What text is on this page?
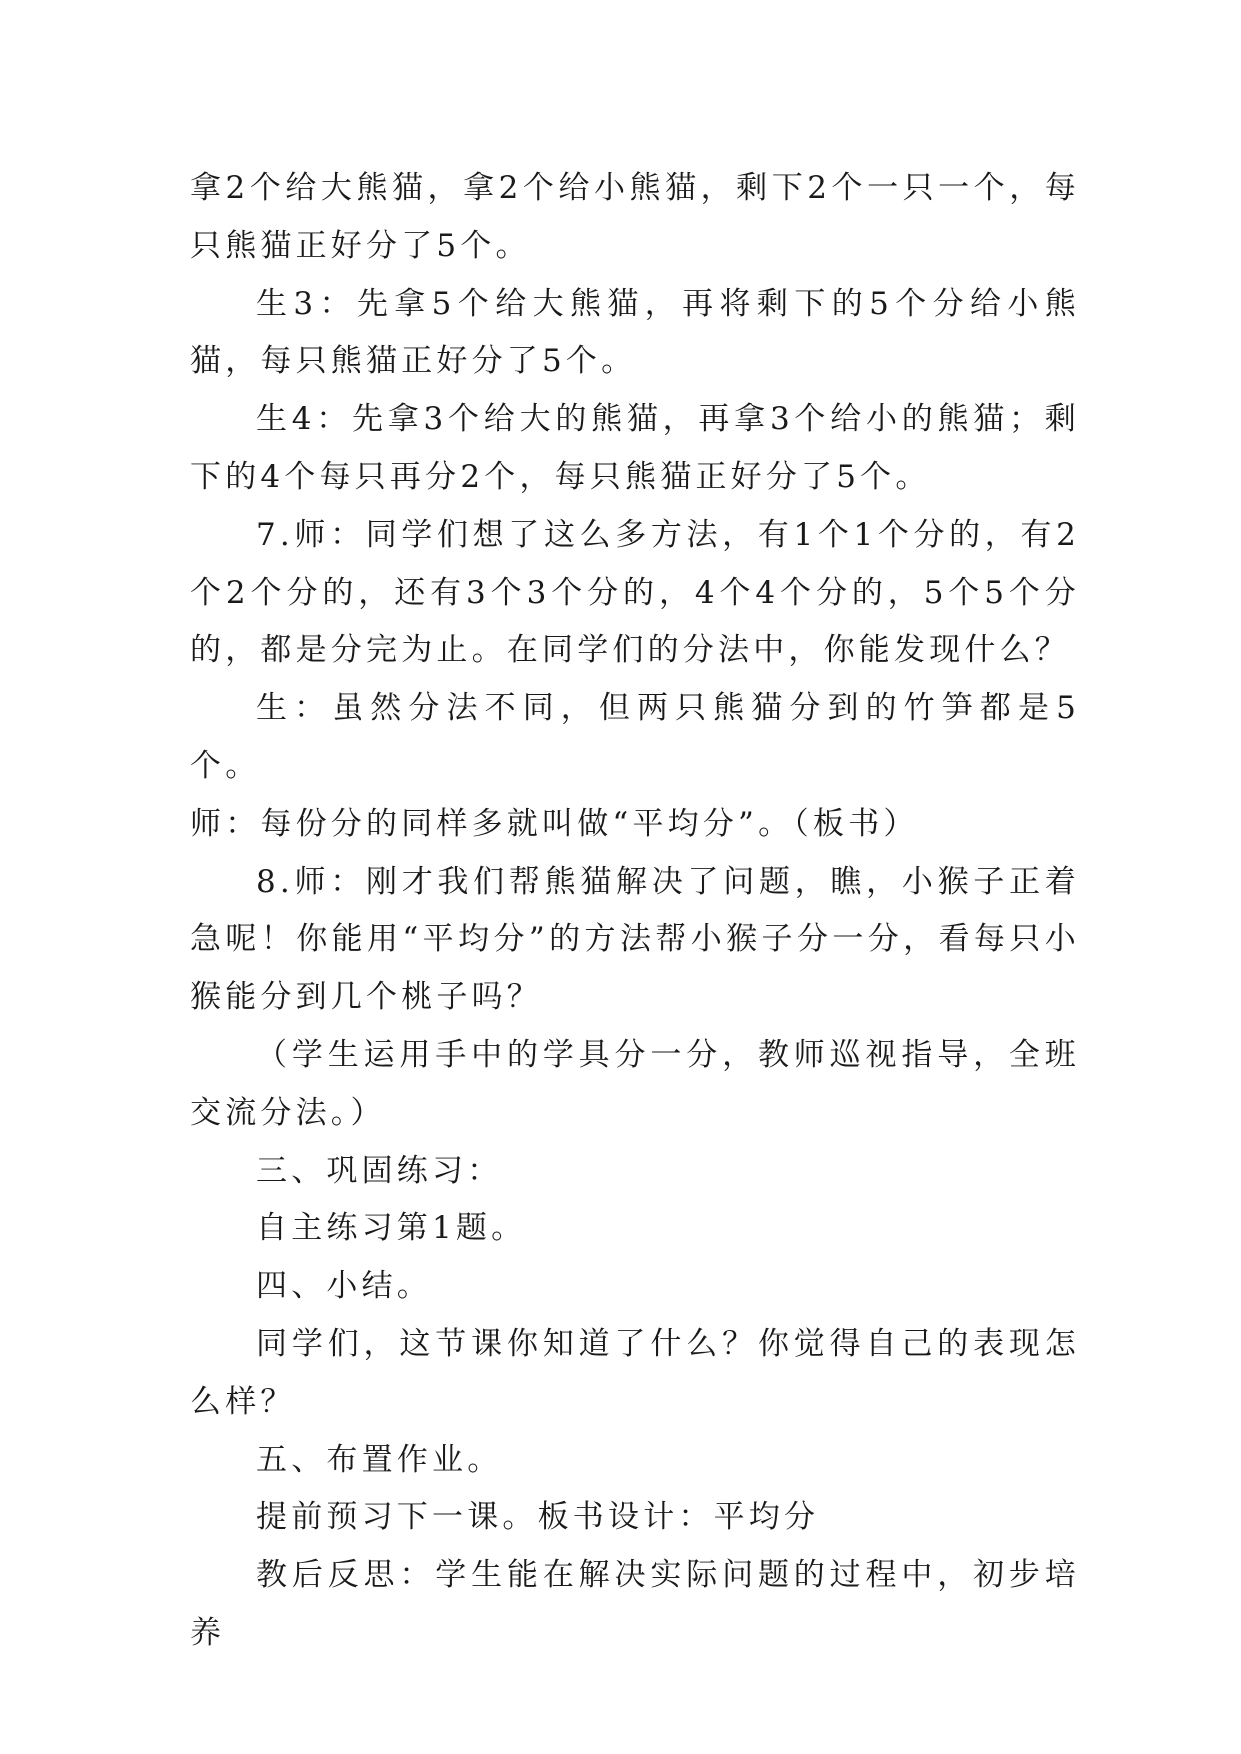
拿2个给大熊猫，拿2个给小熊猫，剩下2个一只一个，每只熊猫正好分了5个。

生3：先拿5个给大熊猫，再将剩下的5个分给小熊猫，每只熊猫正好分了5个。

生4：先拿3个给大的熊猫，再拿3个给小的熊猫；剩下的4个每只再分2个，每只熊猫正好分了5个。

7.师：同学们想了这么多方法，有1个1个分的，有2个2个分的，还有3个3个分的，4个4个分的，5个5个分的，都是分完为止。在同学们的分法中，你能发现什么？

生：虽然分法不同，但两只熊猫分到的竹笋都是5个。

师：每份分的同样多就叫做“平均分”。（板书）

8.师：刚才我们帮熊猫解决了问题，瞧，小猴子正着急呢！你能用“平均分”的方法帮小猴子分一分，看每只小猴能分到几个桃子吗？

（学生运用手中的学具分一分，教师巡视指导，全班交流分法。）

三、巩固练习：

自主练习第1题。

四、小结。

同学们，这节课你知道了什么？你觉得自己的表现怎么样？

五、布置作业。

提前预习下一课。板书设计：平均分

教后反思：学生能在解决实际问题的过程中，初步培养
